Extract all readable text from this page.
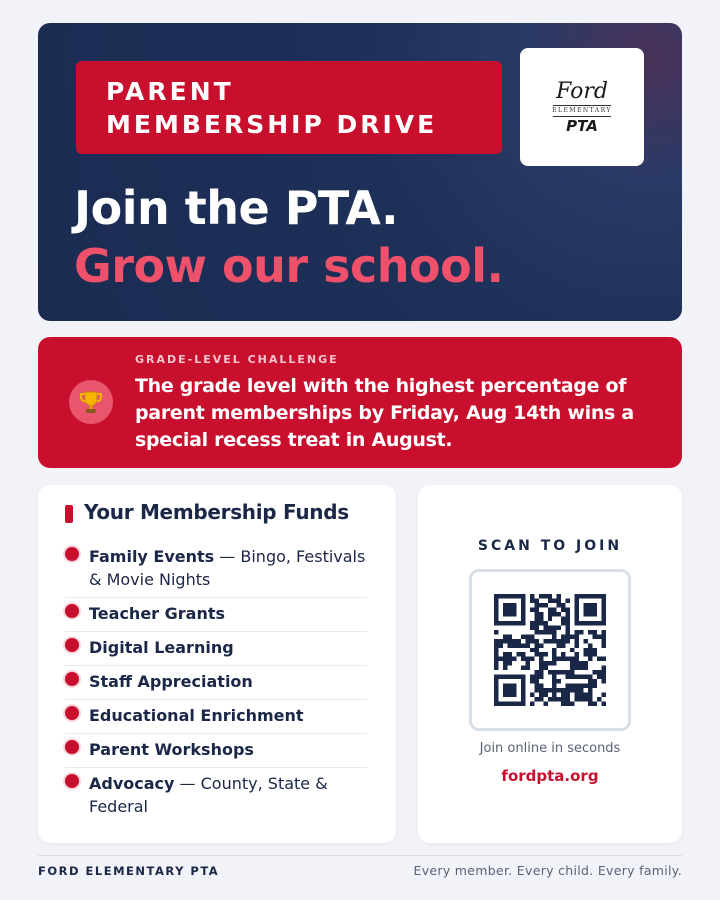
PARENT
MEMBERSHIP DRIVE
Ford
ELEMENTARY
PTA
Join the PTA.
Grow our school.
GRADE-LEVEL CHALLENGE
The grade level with the highest percentage of parent memberships by Friday, Aug 14th wins a special recess treat in August.
Your Membership Funds
Family Events — Bingo, Festivals & Movie Nights
Teacher Grants
Digital Learning
Staff Appreciation
Educational Enrichment
Parent Workshops
Advocacy — County, State & Federal
SCAN TO JOIN
Join online in seconds
fordpta.org
FORD ELEMENTARY PTA	Every member. Every child. Every family.
